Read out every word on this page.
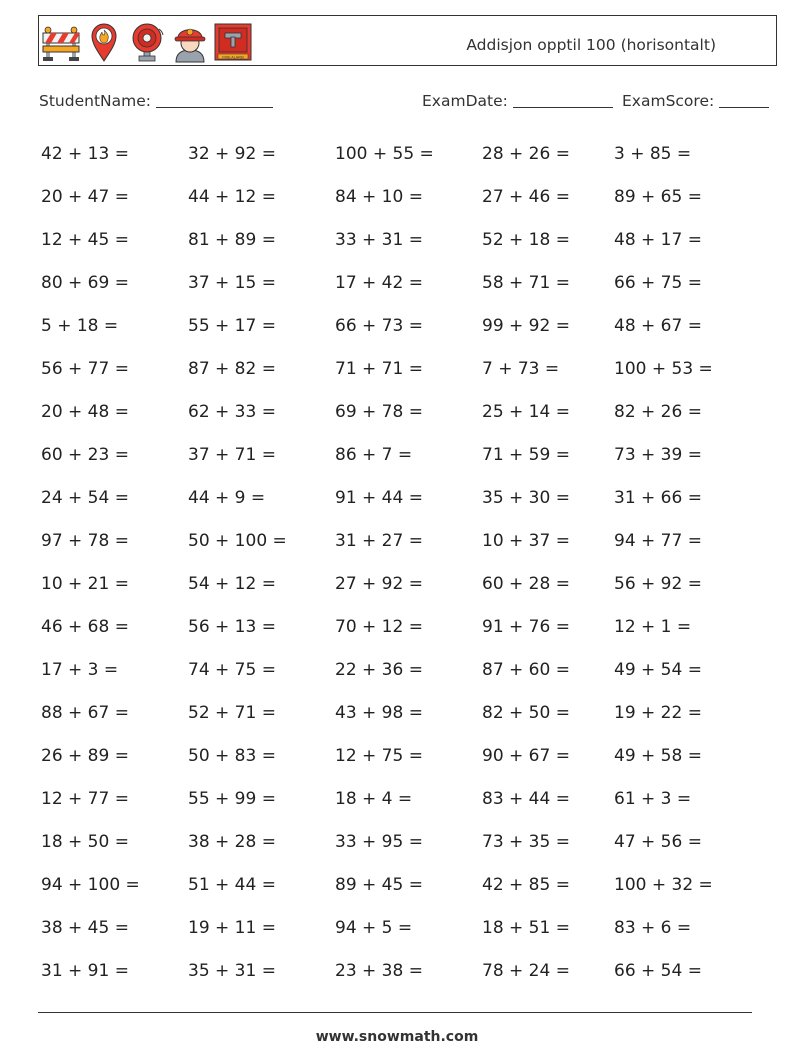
FIRE ALARM
Addisjon opptil 100 (horisontalt)
StudentName:	ExamDate:	ExamScore:
42 + 13 =	32 + 92 =	100 + 55 =	28 + 26 =	3 + 85 =
20 + 47 =	44 + 12 =	84 + 10 =	27 + 46 =	89 + 65 =
12 + 45 =	81 + 89 =	33 + 31 =	52 + 18 =	48 + 17 =
80 + 69 =	37 + 15 =	17 + 42 =	58 + 71 =	66 + 75 =
5 + 18 =	55 + 17 =	66 + 73 =	99 + 92 =	48 + 67 =
56 + 77 =	87 + 82 =	71 + 71 =	7 + 73 =	100 + 53 =
20 + 48 =	62 + 33 =	69 + 78 =	25 + 14 =	82 + 26 =
60 + 23 =	37 + 71 =	86 + 7 =	71 + 59 =	73 + 39 =
24 + 54 =	44 + 9 =	91 + 44 =	35 + 30 =	31 + 66 =
97 + 78 =	50 + 100 =	31 + 27 =	10 + 37 =	94 + 77 =
10 + 21 =	54 + 12 =	27 + 92 =	60 + 28 =	56 + 92 =
46 + 68 =	56 + 13 =	70 + 12 =	91 + 76 =	12 + 1 =
17 + 3 =	74 + 75 =	22 + 36 =	87 + 60 =	49 + 54 =
88 + 67 =	52 + 71 =	43 + 98 =	82 + 50 =	19 + 22 =
26 + 89 =	50 + 83 =	12 + 75 =	90 + 67 =	49 + 58 =
12 + 77 =	55 + 99 =	18 + 4 =	83 + 44 =	61 + 3 =
18 + 50 =	38 + 28 =	33 + 95 =	73 + 35 =	47 + 56 =
94 + 100 =	51 + 44 =	89 + 45 =	42 + 85 =	100 + 32 =
38 + 45 =	19 + 11 =	94 + 5 =	18 + 51 =	83 + 6 =
31 + 91 =	35 + 31 =	23 + 38 =	78 + 24 =	66 + 54 =
www.snowmath.com
